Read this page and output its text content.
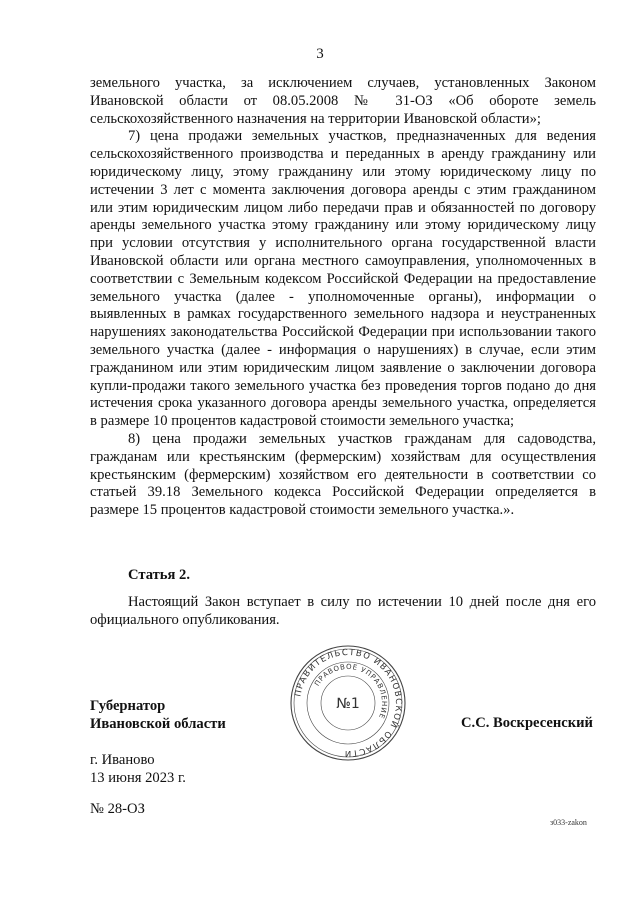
3

земельного участка, за исключением случаев, установленных Законом Ивановской области от 08.05.2008 № 31-ОЗ «Об обороте земель сельскохозяйственного назначения на территории Ивановской области»;

7) цена продажи земельных участков, предназначенных для ведения сельскохозяйственного производства и переданных в аренду гражданину или юридическому лицу, этому гражданину или этому юридическому лицу по истечении 3 лет с момента заключения договора аренды с этим гражданином или этим юридическим лицом либо передачи прав и обязанностей по договору аренды земельного участка этому гражданину или этому юридическому лицу при условии отсутствия у исполнительного органа государственной власти Ивановской области или органа местного самоуправления, уполномоченных в соответствии с Земельным кодексом Российской Федерации на предоставление земельного участка (далее - уполномоченные органы), информации о выявленных в рамках государственного земельного надзора и неустраненных нарушениях законодательства Российской Федерации при использовании такого земельного участка (далее - информация о нарушениях) в случае, если этим гражданином или этим юридическим лицом заявление о заключении договора купли-продажи такого земельного участка без проведения торгов подано до дня истечения срока указанного договора аренды земельного участка, определяется в размере 10 процентов кадастровой стоимости земельного участка;

8) цена продажи земельных участков гражданам для садоводства, гражданам или крестьянским (фермерским) хозяйствам для осуществления крестьянским (фермерским) хозяйством его деятельности в соответствии со статьей 39.18 Земельного кодекса Российской Федерации определяется в размере 15 процентов кадастровой стоимости земельного участка.».

Статья 2.

Настоящий Закон вступает в силу по истечении 10 дней после дня его официального опубликования.

Губернатор
Ивановской области
ПРАВИТЕЛЬСТВО ИВАНОВСКОЙ ОБЛАСТИ
ПРАВОВОЕ УПРАВЛЕНИЕ
№1
С.С. Воскресенский
г. Иваново
13 июня 2023 г.
№ 28-ОЗ
з033-zakon
